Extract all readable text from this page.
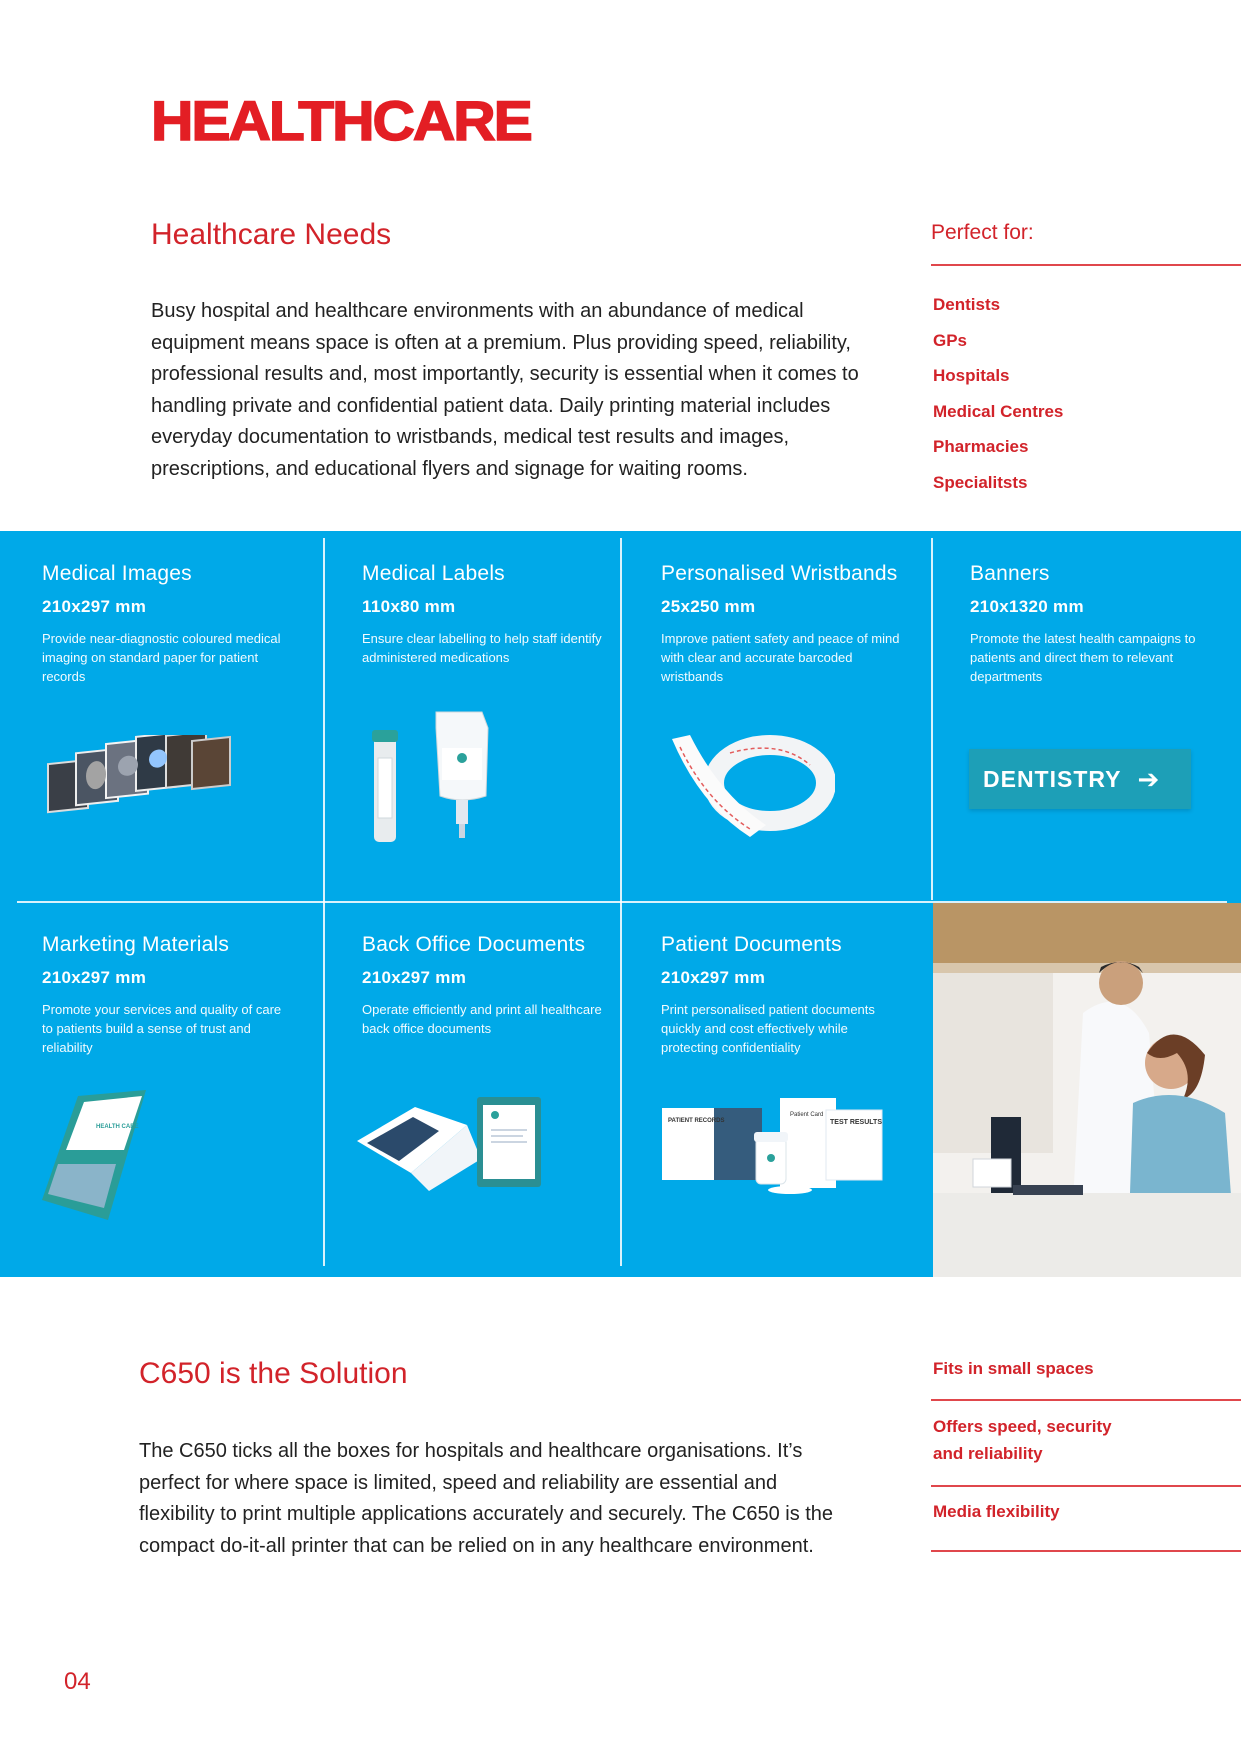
HEALTHCARE
Healthcare Needs
Busy hospital and healthcare environments with an abundance of medical equipment means space is often at a premium. Plus providing speed, reliability, professional results and, most importantly, security is essential when it comes to handling private and confidential patient data. Daily printing material includes everyday documentation to wristbands, medical test results and images, prescriptions, and educational flyers and signage for waiting rooms.
Perfect for:
Dentists
GPs
Hospitals
Medical Centres
Pharmacies
Specialitsts
Medical Images
210x297 mm

Provide near-diagnostic coloured medical imaging on standard paper for patient records

Medical Labels
110x80 mm

Ensure clear labelling to help staff identify administered medications

Personalised Wristbands
25x250 mm

Improve patient safety and peace of mind with clear and accurate barcoded wristbands

Banners
210x1320 mm

Promote the latest health campaigns to patients and direct them to relevant departments

Marketing Materials
210x297 mm

Promote your services and quality of care to patients build a sense of trust and reliability

Back Office Documents
210x297 mm

Operate efficiently and print all healthcare back office documents

Patient Documents
210x297 mm

Print personalised patient documents quickly and cost effectively while protecting confidentiality

DENTISTRY ➔
HEALTH CARE
PATIENT RECORDS
Patient Card
TEST RESULTS
C650 is the Solution
The C650 ticks all the boxes for hospitals and healthcare organisations. It’s perfect for where space is limited, speed and reliability are essential and flexibility to print multiple applications accurately and securely. The C650 is the compact do-it-all printer that can be relied on in any healthcare environment.
Fits in small spaces
Offers speed, security and reliability
Media flexibility
04
